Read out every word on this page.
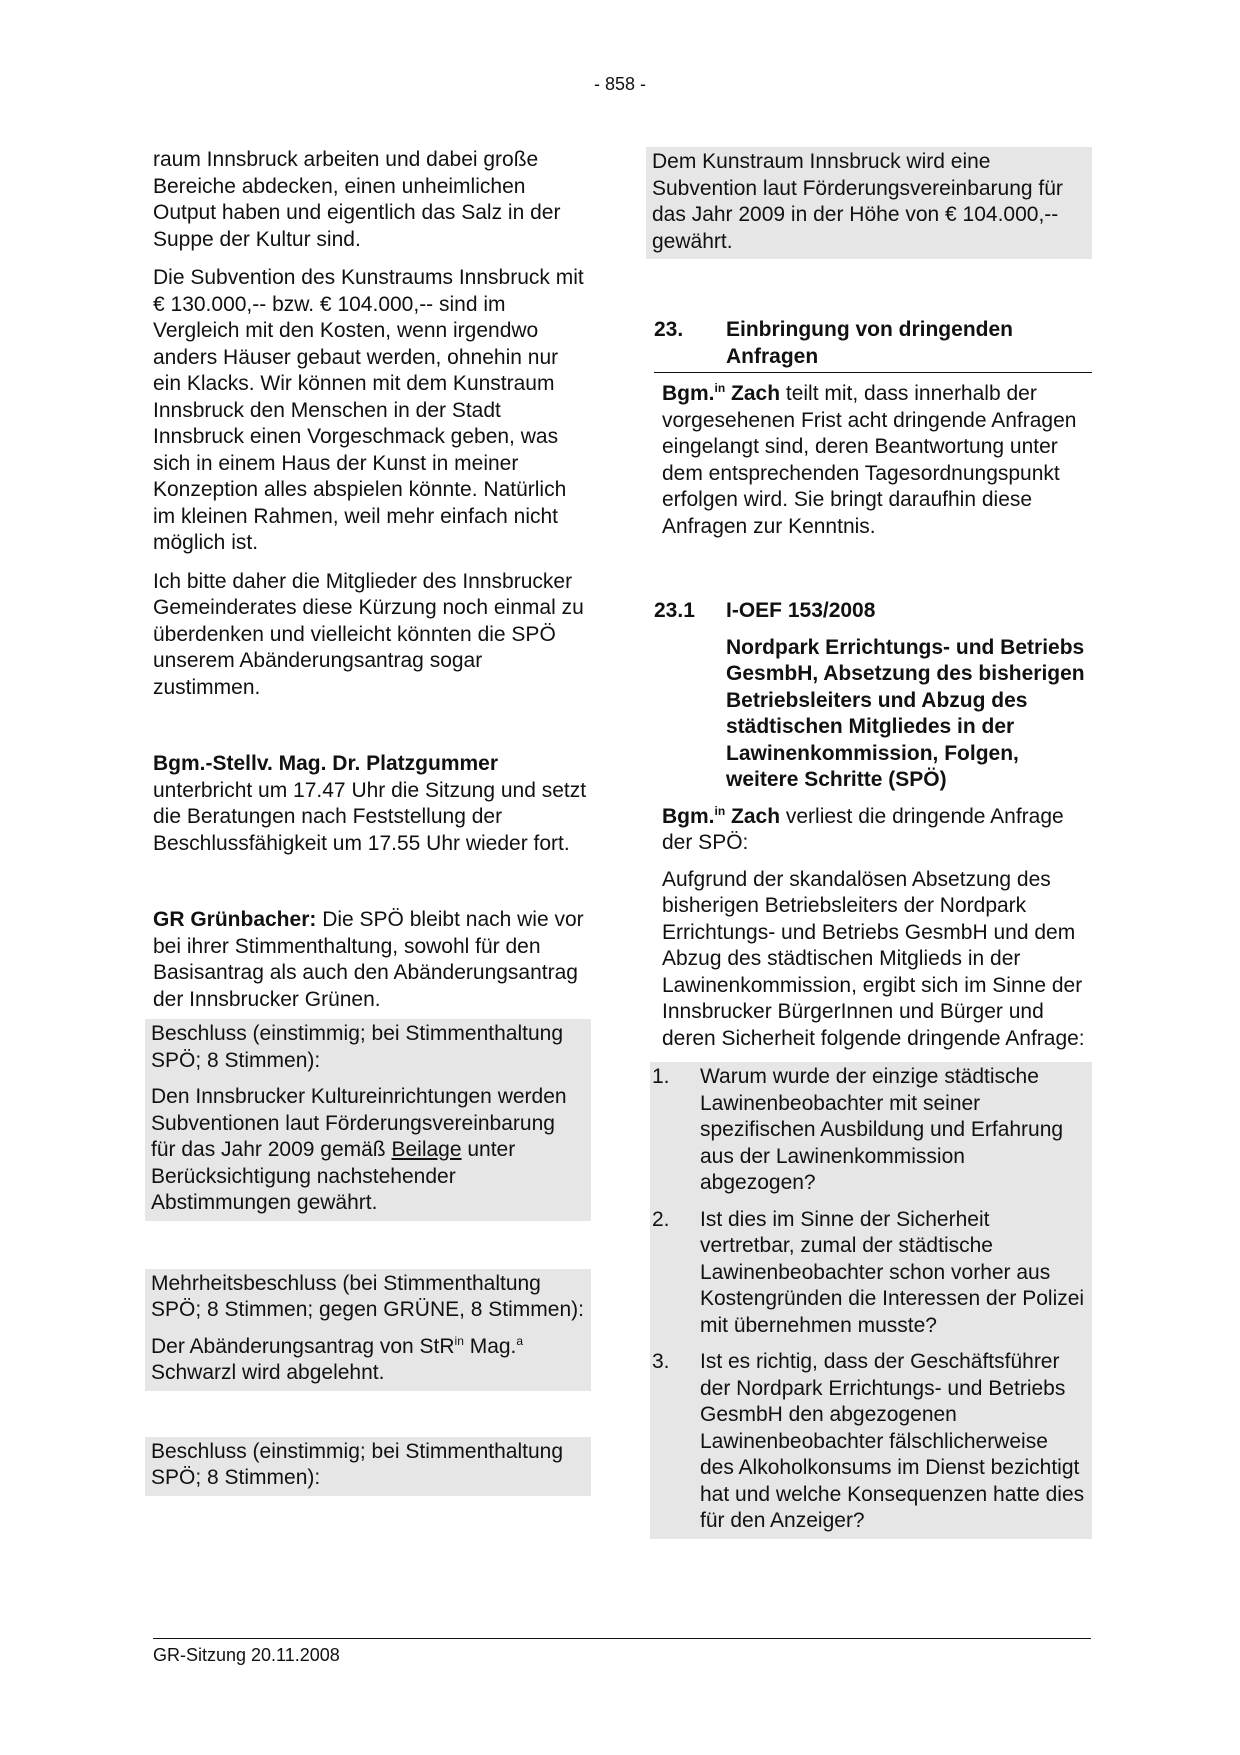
- 858 -

raum Innsbruck arbeiten und dabei große Bereiche abdecken, einen unheimlichen Output haben und eigentlich das Salz in der Suppe der Kultur sind.

Die Subvention des Kunstraums Innsbruck mit € 130.000,-- bzw. € 104.000,-- sind im Vergleich mit den Kosten, wenn irgendwo anders Häuser gebaut werden, ohnehin nur ein Klacks. Wir können mit dem Kunstraum Innsbruck den Menschen in der Stadt Innsbruck einen Vorgeschmack geben, was sich in einem Haus der Kunst in meiner Konzeption alles abspielen könnte. Natürlich im kleinen Rahmen, weil mehr einfach nicht möglich ist.

Ich bitte daher die Mitglieder des Innsbrucker Gemeinderates diese Kürzung noch einmal zu überdenken und vielleicht könnten die SPÖ unserem Abänderungsantrag sogar zustimmen.

Bgm.-Stellv. Mag. Dr. Platzgummer
unterbricht um 17.47 Uhr die Sitzung und setzt die Beratungen nach Feststellung der Beschlussfähigkeit um 17.55 Uhr wieder fort.

GR Grünbacher: Die SPÖ bleibt nach wie vor bei ihrer Stimmenthaltung, sowohl für den Basisantrag als auch den Abänderungsantrag der Innsbrucker Grünen.

Beschluss (einstimmig; bei Stimmenthaltung SPÖ; 8 Stimmen):

Den Innsbrucker Kultureinrichtungen werden Subventionen laut Förderungsvereinbarung für das Jahr 2009 gemäß Beilage unter Berücksichtigung nachstehender Abstimmungen gewährt.

Mehrheitsbeschluss (bei Stimmenthaltung SPÖ; 8 Stimmen; gegen GRÜNE, 8 Stimmen):

Der Abänderungsantrag von StR$^{in}$ Mag.$^a$ Schwarzl wird abgelehnt.

Beschluss (einstimmig; bei Stimmenthaltung SPÖ; 8 Stimmen):

Dem Kunstraum Innsbruck wird eine Subvention laut Förderungsvereinbarung für das Jahr 2009 in der Höhe von € 104.000,-- gewährt.

23.	Einbringung von dringenden Anfragen

Bgm.$^{in}$ Zach teilt mit, dass innerhalb der vorgesehenen Frist acht dringende Anfragen eingelangt sind, deren Beantwortung unter dem entsprechenden Tagesordnungspunkt erfolgen wird. Sie bringt daraufhin diese Anfragen zur Kenntnis.

23.1	I-OEF 153/2008

Nordpark Errichtungs- und Betriebs GesmbH, Absetzung des bisherigen Betriebsleiters und Abzug des städtischen Mitgliedes in der Lawinenkommission, Folgen, weitere Schritte (SPÖ)

Bgm.$^{in}$ Zach verliest die dringende Anfrage der SPÖ:

Aufgrund der skandalösen Absetzung des bisherigen Betriebsleiters der Nordpark Errichtungs- und Betriebs GesmbH und dem Abzug des städtischen Mitglieds in der Lawinenkommission, ergibt sich im Sinne der Innsbrucker BürgerInnen und Bürger und deren Sicherheit folgende dringende Anfrage:

1.	Warum wurde der einzige städtische Lawinenbeobachter mit seiner spezifischen Ausbildung und Erfahrung aus der Lawinenkommission abgezogen?
2.	Ist dies im Sinne der Sicherheit vertretbar, zumal der städtische Lawinenbeobachter schon vorher aus Kostengründen die Interessen der Polizei mit übernehmen musste?
3.	Ist es richtig, dass der Geschäftsführer der Nordpark Errichtungs- und Betriebs GesmbH den abgezogenen Lawinenbeobachter fälschlicherweise des Alkoholkonsums im Dienst bezichtigt hat und welche Konsequenzen hatte dies für den Anzeiger?
GR-Sitzung 20.11.2008
